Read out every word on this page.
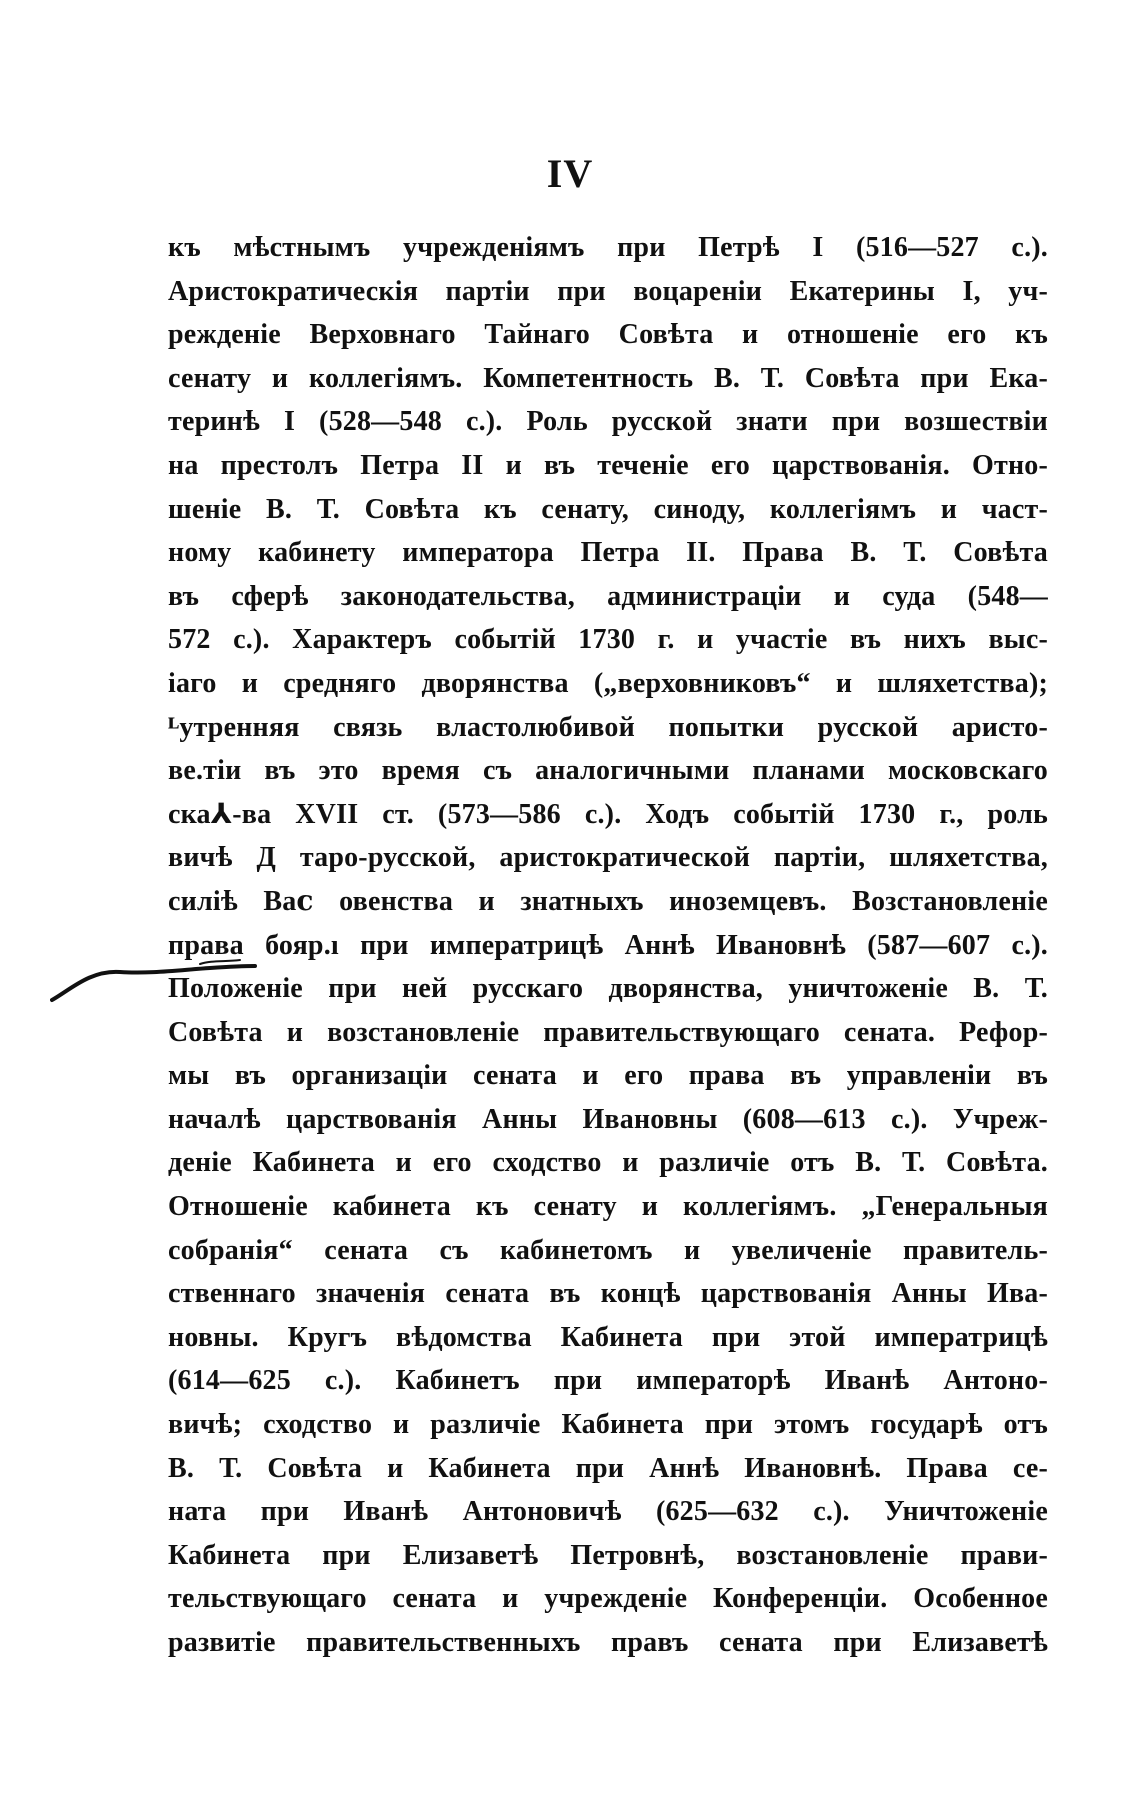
IV
къ мѣстнымъ учрежденіямъ при Петрѣ I (516—527 с.).
Аристократическія партіи при воцареніи Екатерины I, уч-
режденіе Верховнаго Тайнаго Совѣта и отношеніе его къ
сенату и коллегіямъ. Компетентность В. Т. Совѣта при Ека-
теринѣ I (528—548 с.). Роль русской знати при возшествіи
на престолъ Петра II и въ теченіе его царствованія. Отно-
шеніе В. Т. Совѣта къ сенату, синоду, коллегіямъ и част-
ному кабинету императора Петра II. Права В. Т. Совѣта
въ сферѣ законодательства, администраціи и суда (548—
572 с.). Характеръ событій 1730 г. и участіе въ нихъ выс-
іаго и средняго дворянства („верховниковъ“ и шляхетства);
ᴸутренняя связь властолюбивой попытки русской аристо-
ве.тіи въ это время съ аналогичными планами московскаго
ска⅄-ва XVII ст. (573—586 с.). Ходъ событій 1730 г., роль
вичѣ Д таро-русской, аристократической партіи, шляхетства,
силіѣ Ваⅽ овенства и знатныхъ иноземцевъ. Возстановленіе
права бояр.ı при императрицѣ Аннѣ Ивановнѣ (587—607 с.).
Положеніе при ней русскаго дворянства, уничтоженіе В. Т.
Совѣта и возстановленіе правительствующаго сената. Рефор-
мы въ организаціи сената и его права въ управленіи въ
началѣ царствованія Анны Ивановны (608—613 с.). Учреж-
деніе Кабинета и его сходство и различіе отъ В. Т. Совѣта.
Отношеніе кабинета къ сенату и коллегіямъ. „Генеральныя
собранія“ сената съ кабинетомъ и увеличеніе правитель-
ственнаго значенія сената въ концѣ царствованія Анны Ива-
новны. Кругъ вѣдомства Кабинета при этой императрицѣ
(614—625 с.). Кабинетъ при императорѣ Иванѣ Антоно-
вичѣ; сходство и различіе Кабинета при этомъ государѣ отъ
В. Т. Совѣта и Кабинета при Аннѣ Ивановнѣ. Права се-
ната при Иванѣ Антоновичѣ (625—632 с.). Уничтоженіе
Кабинета при Елизаветѣ Петровнѣ, возстановленіе прави-
тельствующаго сената и учрежденіе Конференціи. Особенное
развитіе правительственныхъ правъ сената при Елизаветѣ
